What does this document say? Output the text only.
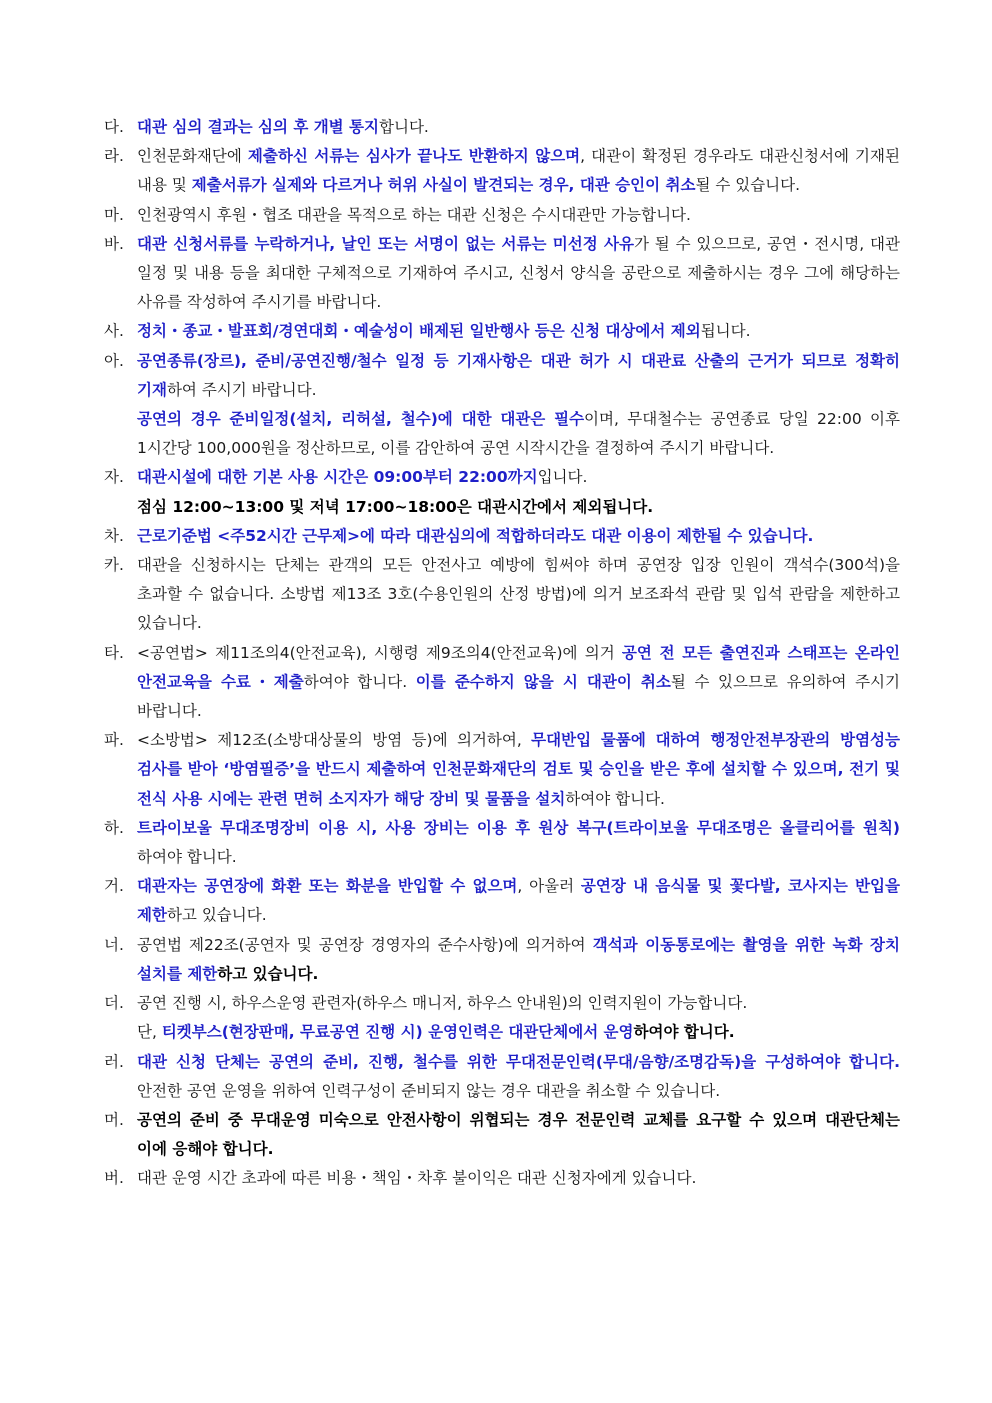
다. 대관 심의 결과는 심의 후 개별 통지합니다.
라. 인천문화재단에 제출하신 서류는 심사가 끝나도 반환하지 않으며, 대관이 확정된 경우라도 대관신청서에 기재된 내용 및 제출서류가 실제와 다르거나 허위 사실이 발견되는 경우, 대관 승인이 취소될 수 있습니다.
마. 인천광역시 후원・협조 대관을 목적으로 하는 대관 신청은 수시대관만 가능합니다.
바. 대관 신청서류를 누락하거나, 날인 또는 서명이 없는 서류는 미선정 사유가 될 수 있으므로, 공연・전시명, 대관 일정 및 내용 등을 최대한 구체적으로 기재하여 주시고, 신청서 양식을 공란으로 제출하시는 경우 그에 해당하는 사유를 작성하여 주시기를 바랍니다.
사. 정치・종교・발표회/경연대회・예술성이 배제된 일반행사 등은 신청 대상에서 제외됩니다.
아. 공연종류(장르), 준비/공연진행/철수 일정 등 기재사항은 대관 허가 시 대관료 산출의 근거가 되므로 정확히 기재하여 주시기 바랍니다.
공연의 경우 준비일정(설치, 리허설, 철수)에 대한 대관은 필수이며, 무대철수는 공연종료 당일 22:00 이후 1시간당 100,000원을 정산하므로, 이를 감안하여 공연 시작시간을 결정하여 주시기 바랍니다.
자. 대관시설에 대한 기본 사용 시간은 09:00부터 22:00까지입니다.
점심 12:00~13:00 및 저녁 17:00~18:00은 대관시간에서 제외됩니다.
차. 근로기준법 <주52시간 근무제>에 따라 대관심의에 적합하더라도 대관 이용이 제한될 수 있습니다.
카. 대관을 신청하시는 단체는 관객의 모든 안전사고 예방에 힘써야 하며 공연장 입장 인원이 객석수(300석)을 초과할 수 없습니다. 소방법 제13조 3호(수용인원의 산정 방법)에 의거 보조좌석 관람 및 입석 관람을 제한하고 있습니다.
타. <공연법> 제11조의4(안전교육), 시행령 제9조의4(안전교육)에 의거 공연 전 모든 출연진과 스태프는 온라인 안전교육을 수료・제출하여야 합니다. 이를 준수하지 않을 시 대관이 취소될 수 있으므로 유의하여 주시기 바랍니다.
파. <소방법> 제12조(소방대상물의 방염 등)에 의거하여, 무대반입 물품에 대하여 행정안전부장관의 방염성능 검사를 받아 ‘방염필증’을 반드시 제출하여 인천문화재단의 검토 및 승인을 받은 후에 설치할 수 있으며, 전기 및 전식 사용 시에는 관련 면허 소지자가 해당 장비 및 물품을 설치하여야 합니다.
하. 트라이보울 무대조명장비 이용 시, 사용 장비는 이용 후 원상 복구(트라이보울 무대조명은 올클리어를 원칙)하여야 합니다.
거. 대관자는 공연장에 화환 또는 화분을 반입할 수 없으며, 아울러 공연장 내 음식물 및 꽃다발, 코사지는 반입을 제한하고 있습니다.
너. 공연법 제22조(공연자 및 공연장 경영자의 준수사항)에 의거하여 객석과 이동통로에는 촬영을 위한 녹화 장치 설치를 제한하고 있습니다.
더. 공연 진행 시, 하우스운영 관련자(하우스 매니저, 하우스 안내원)의 인력지원이 가능합니다.
단, 티켓부스(현장판매, 무료공연 진행 시) 운영인력은 대관단체에서 운영하여야 합니다.
러. 대관 신청 단체는 공연의 준비, 진행, 철수를 위한 무대전문인력(무대/음향/조명감독)을 구성하여야 합니다. 안전한 공연 운영을 위하여 인력구성이 준비되지 않는 경우 대관을 취소할 수 있습니다.
머. 공연의 준비 중 무대운영 미숙으로 안전사항이 위협되는 경우 전문인력 교체를 요구할 수 있으며 대관단체는 이에 응해야 합니다.
버. 대관 운영 시간 초과에 따른 비용・책임・차후 불이익은 대관 신청자에게 있습니다.
